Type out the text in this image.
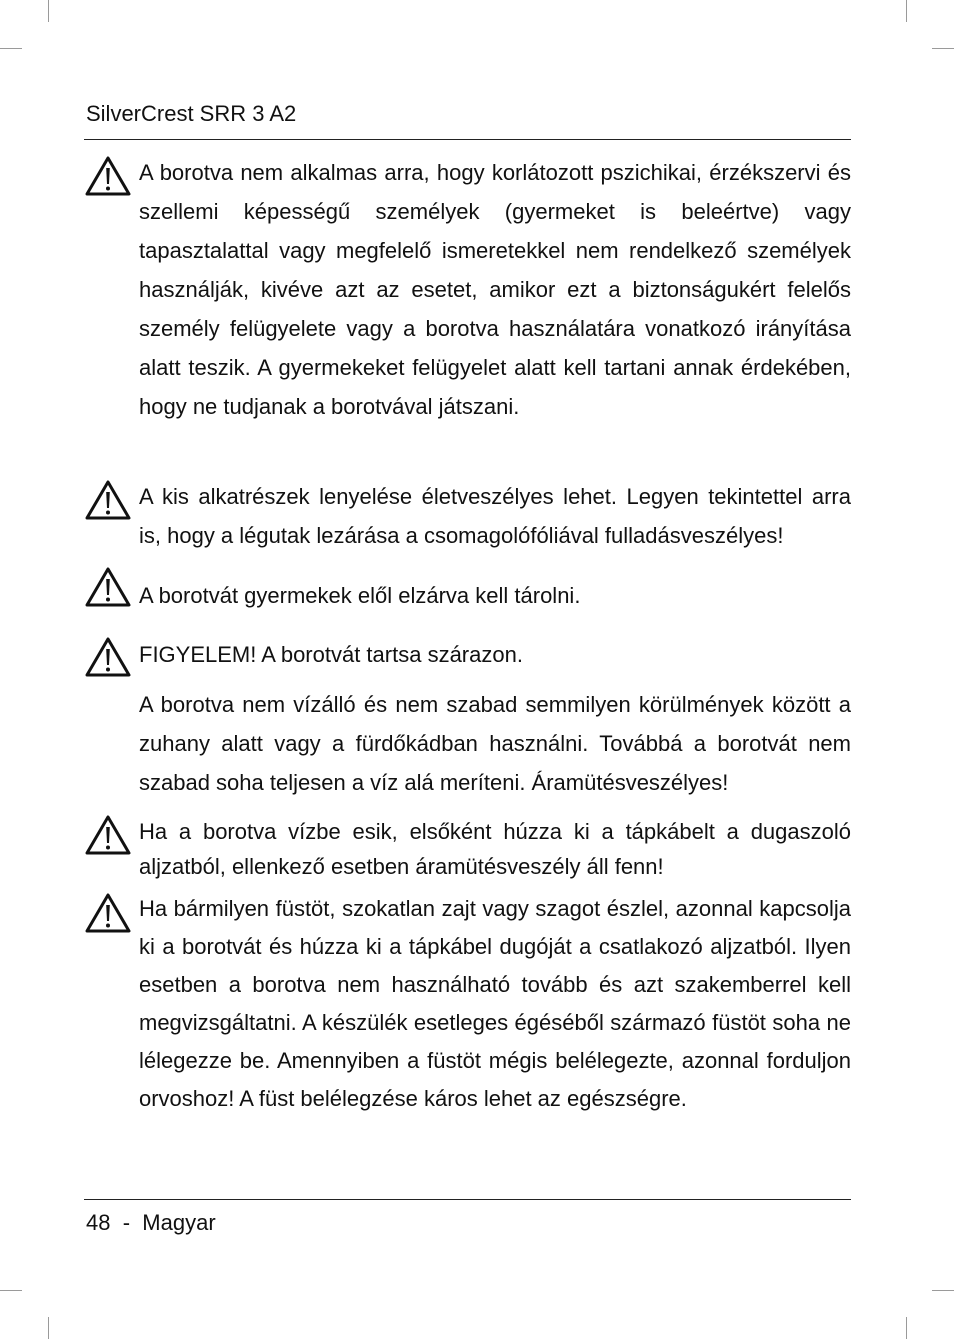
SilverCrest SRR 3 A2

A borotva nem alkalmas arra, hogy korlátozott pszichikai, érzékszervi és szellemi képességű személyek (gyermeket is beleértve) vagy tapasztalattal vagy megfelelő ismeretekkel nem rendelkező személyek használják, kivéve azt az esetet, amikor ezt a biztonságukért felelős személy felügyelete vagy a borotva használatára vonatkozó irányítása alatt teszik. A gyermekeket felügyelet alatt kell tartani annak érdekében, hogy ne tudjanak a borotvával játszani.

A kis alkatrészek lenyelése életveszélyes lehet. Legyen tekintettel arra is, hogy a légutak lezárása a csomagolófóliával fulladásveszélyes!

A borotvát gyermekek elől elzárva kell tárolni.

FIGYELEM! A borotvát tartsa szárazon.

A borotva nem vízálló és nem szabad semmilyen körülmények között a zuhany alatt vagy a fürdőkádban használni. Továbbá a borotvát nem szabad soha teljesen a víz alá meríteni. Áramütésveszélyes!

Ha a borotva vízbe esik, elsőként húzza ki a tápkábelt a dugaszoló aljzatból, ellenkező esetben áramütésveszély áll fenn!

Ha bármilyen füstöt, szokatlan zajt vagy szagot észlel, azonnal kapcsolja ki a borotvát és húzza ki a tápkábel dugóját a csatlakozó aljzatból. Ilyen esetben a borotva nem használható tovább és azt szakemberrel kell megvizsgáltatni. A készülék esetleges égéséből származó füstöt soha ne lélegezze be. Amennyiben a füstöt mégis belélegezte, azonnal forduljon orvoshoz! A füst belélegzése káros lehet az egészségre.

48 - Magyar
